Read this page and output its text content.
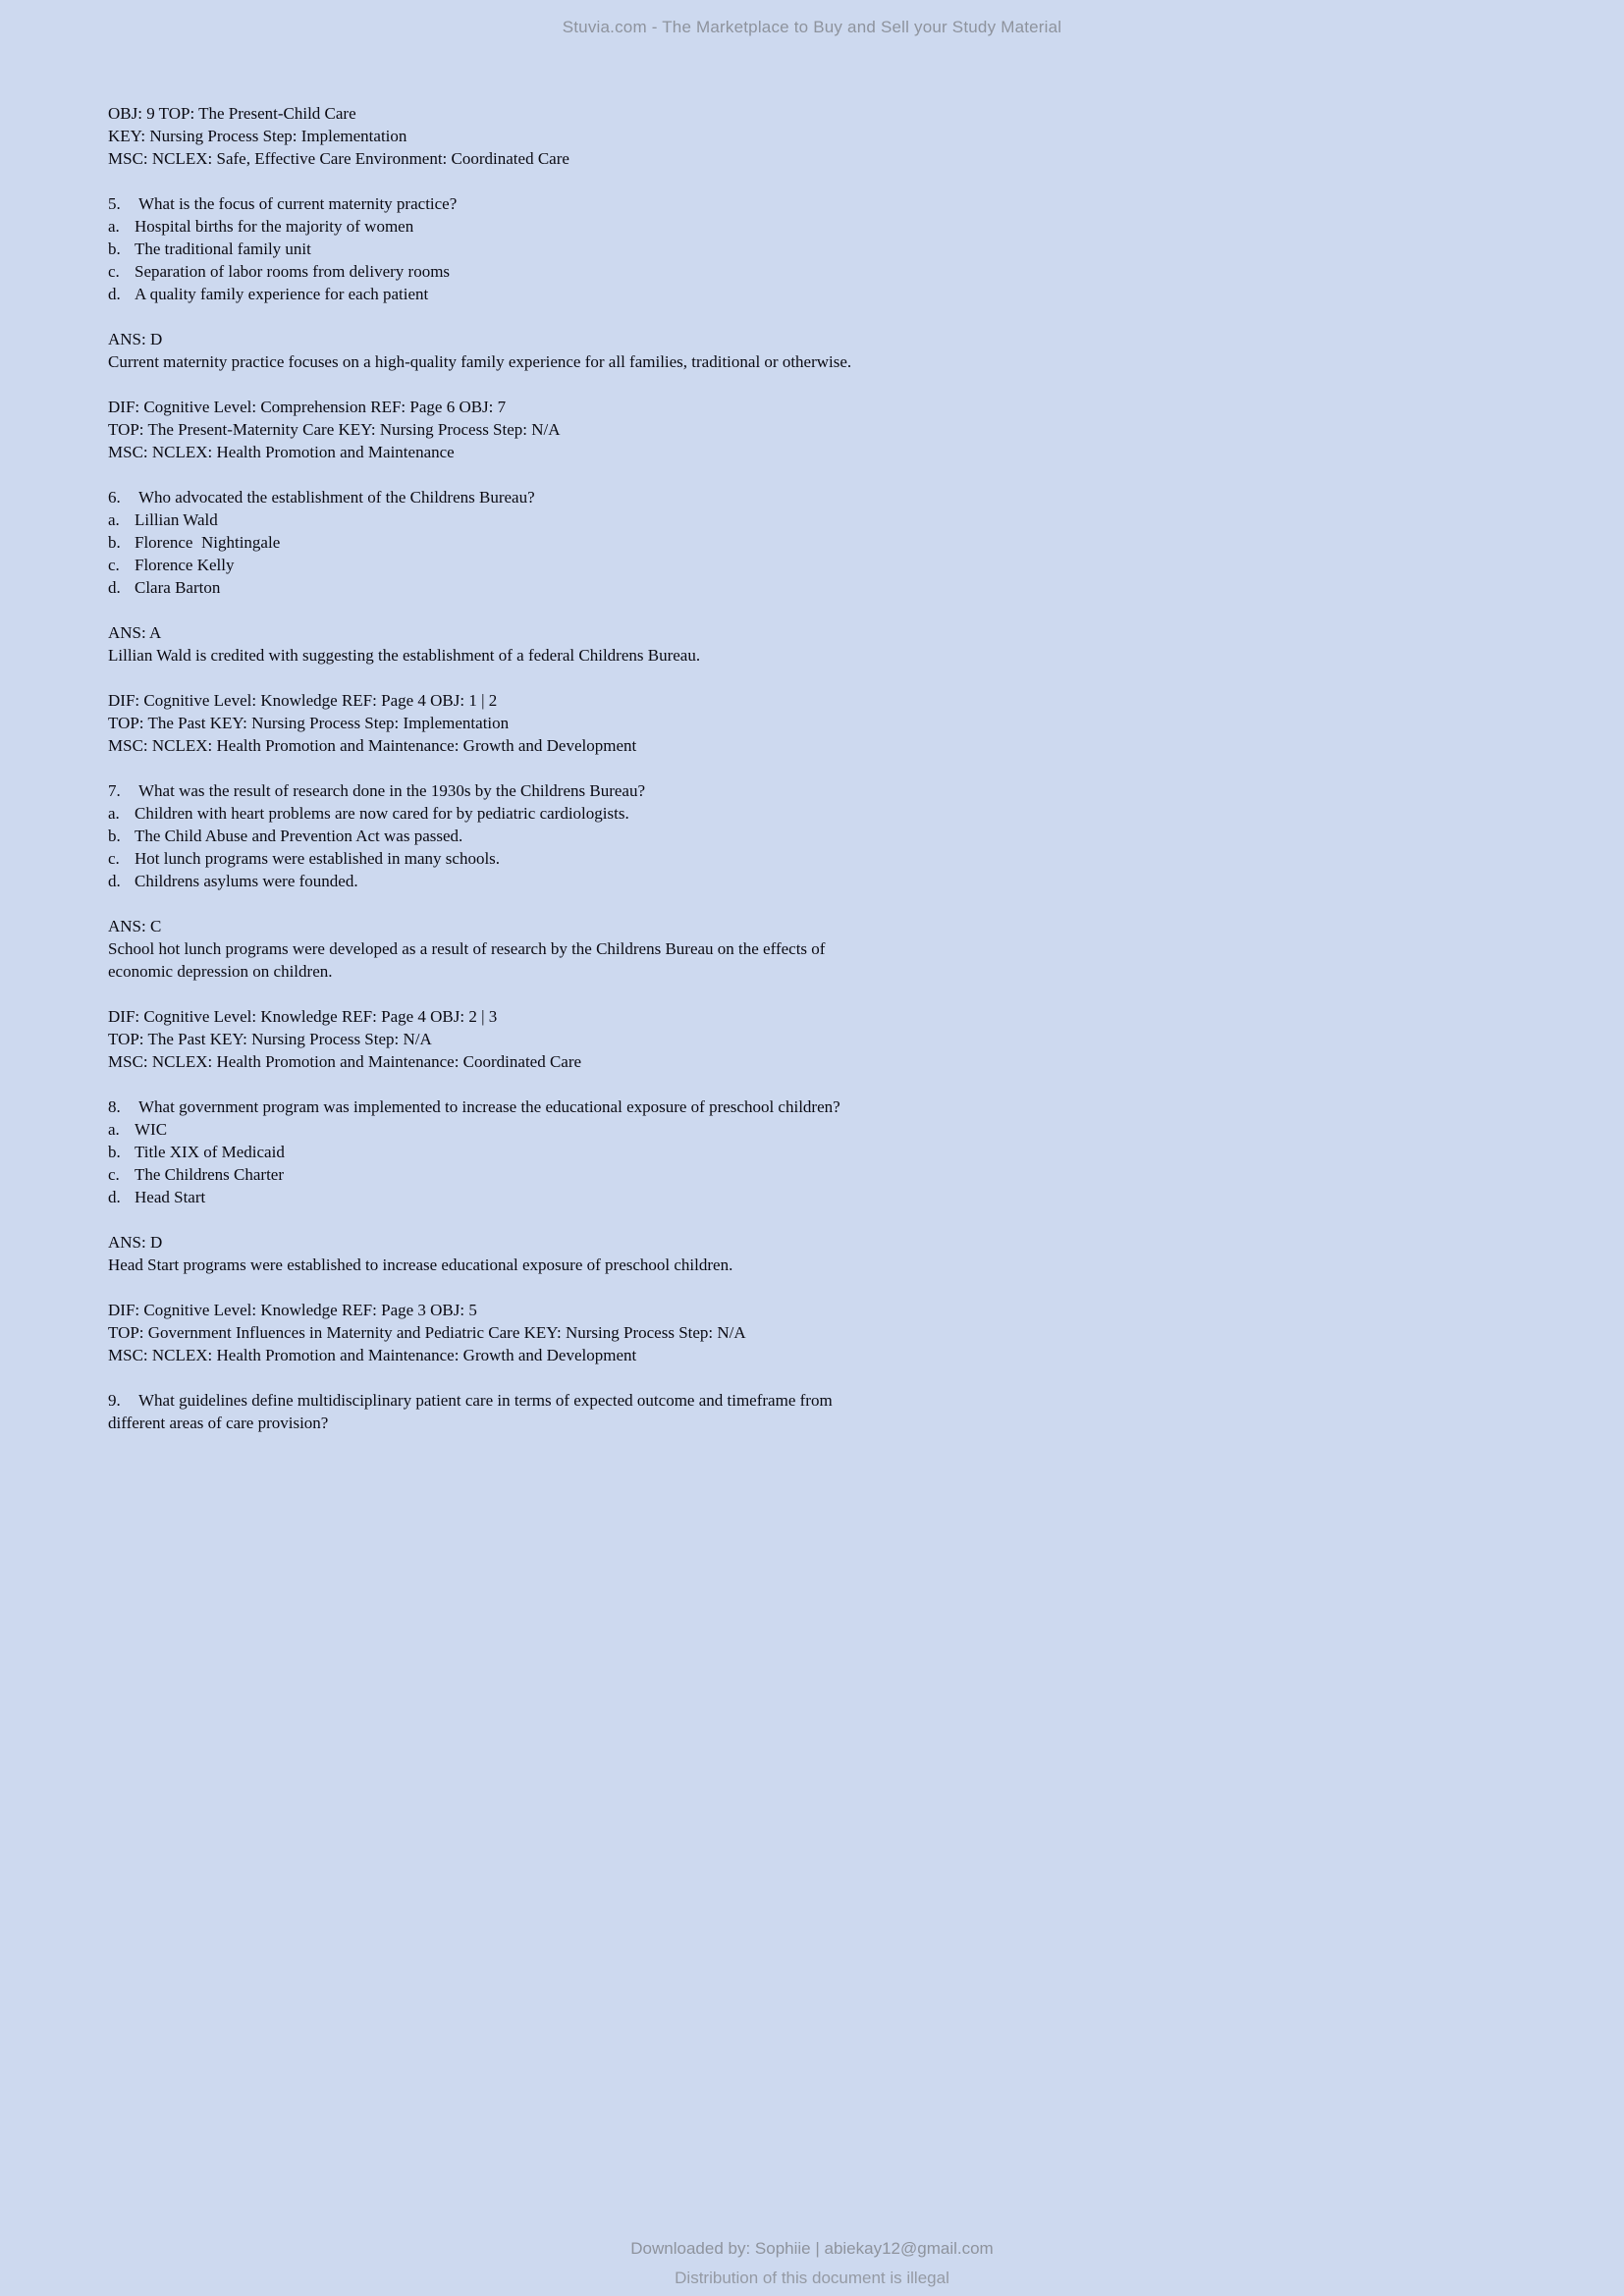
Stuvia.com - The Marketplace to Buy and Sell your Study Material
OBJ: 9 TOP: The Present-Child Care
KEY: Nursing Process Step: Implementation
MSC: NCLEX: Safe, Effective Care Environment: Coordinated Care
5. What is the focus of current maternity practice?
a. Hospital births for the majority of women
b. The traditional family unit
c. Separation of labor rooms from delivery rooms
d. A quality family experience for each patient
ANS: D
Current maternity practice focuses on a high-quality family experience for all families, traditional or otherwise.
DIF: Cognitive Level: Comprehension REF: Page 6 OBJ: 7
TOP: The Present-Maternity Care KEY: Nursing Process Step: N/A
MSC: NCLEX: Health Promotion and Maintenance
6. Who advocated the establishment of the Childrens Bureau?
a. Lillian Wald
b. Florence  Nightingale
c. Florence Kelly
d. Clara Barton
ANS: A
Lillian Wald is credited with suggesting the establishment of a federal Childrens Bureau.
DIF: Cognitive Level: Knowledge REF: Page 4 OBJ: 1 | 2
TOP: The Past KEY: Nursing Process Step: Implementation
MSC: NCLEX: Health Promotion and Maintenance: Growth and Development
7. What was the result of research done in the 1930s by the Childrens Bureau?
a. Children with heart problems are now cared for by pediatric cardiologists.
b. The Child Abuse and Prevention Act was passed.
c. Hot lunch programs were established in many schools.
d. Childrens asylums were founded.
ANS: C
School hot lunch programs were developed as a result of research by the Childrens Bureau on the effects of
economic depression on children.
DIF: Cognitive Level: Knowledge REF: Page 4 OBJ: 2 | 3
TOP: The Past KEY: Nursing Process Step: N/A
MSC: NCLEX: Health Promotion and Maintenance: Coordinated Care
8. What government program was implemented to increase the educational exposure of preschool children?
a. WIC
b. Title XIX of Medicaid
c. The Childrens Charter
d. Head Start
ANS: D
Head Start programs were established to increase educational exposure of preschool children.
DIF: Cognitive Level: Knowledge REF: Page 3 OBJ: 5
TOP: Government Influences in Maternity and Pediatric Care KEY: Nursing Process Step: N/A
MSC: NCLEX: Health Promotion and Maintenance: Growth and Development
9. What guidelines define multidisciplinary patient care in terms of expected outcome and timeframe from
different areas of care provision?
Downloaded by: Sophiie | abiekay12@gmail.com
Distribution of this document is illegal
